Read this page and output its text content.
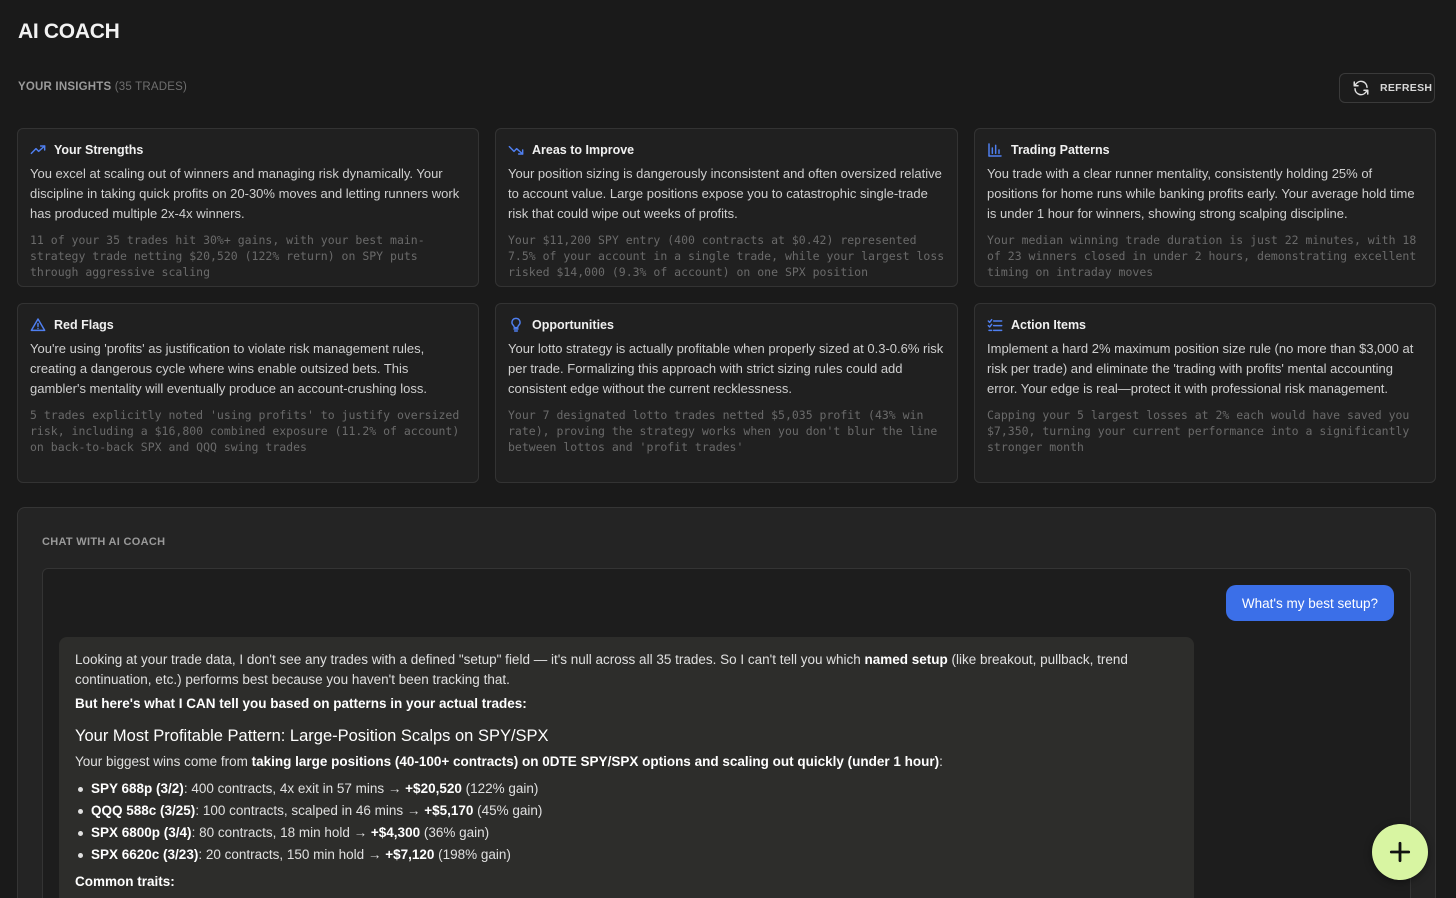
AI COACH
YOUR INSIGHTS (35 TRADES)	REFRESH
Your Strengths
You excel at scaling out of winners and managing risk dynamically. Your discipline in taking quick profits on 20-30% moves and letting runners work has produced multiple 2x-4x winners.
11 of your 35 trades hit 30%+ gains, with your best main-strategy trade netting $20,520 (122% return) on SPY puts through aggressive scaling
Areas to Improve
Your position sizing is dangerously inconsistent and often oversized relative to account value. Large positions expose you to catastrophic single-trade risk that could wipe out weeks of profits.
Your $11,200 SPY entry (400 contracts at $0.42) represented 7.5% of your account in a single trade, while your largest loss risked $14,000 (9.3% of account) on one SPX position
Trading Patterns
You trade with a clear runner mentality, consistently holding 25% of positions for home runs while banking profits early. Your average hold time is under 1 hour for winners, showing strong scalping discipline.
Your median winning trade duration is just 22 minutes, with 18 of 23 winners closed in under 2 hours, demonstrating excellent timing on intraday moves
Red Flags
You're using 'profits' as justification to violate risk management rules, creating a dangerous cycle where wins enable outsized bets. This gambler's mentality will eventually produce an account-crushing loss.
5 trades explicitly noted 'using profits' to justify oversized risk, including a $16,800 combined exposure (11.2% of account) on back-to-back SPX and QQQ swing trades
Opportunities
Your lotto strategy is actually profitable when properly sized at 0.3-0.6% risk per trade. Formalizing this approach with strict sizing rules could add consistent edge without the current recklessness.
Your 7 designated lotto trades netted $5,035 profit (43% win rate), proving the strategy works when you don't blur the line between lottos and 'profit trades'
Action Items
Implement a hard 2% maximum position size rule (no more than $3,000 at risk per trade) and eliminate the 'trading with profits' mental accounting error. Your edge is real—protect it with professional risk management.
Capping your 5 largest losses at 2% each would have saved you $7,350, turning your current performance into a significantly stronger month
CHAT WITH AI COACH
What's my best setup?
Looking at your trade data, I don't see any trades with a defined "setup" field — it's null across all 35 trades. So I can't tell you which named setup (like breakout, pullback, trend continuation, etc.) performs best because you haven't been tracking that.
But here's what I CAN tell you based on patterns in your actual trades:
Your Most Profitable Pattern: Large-Position Scalps on SPY/SPX
Your biggest wins come from taking large positions (40-100+ contracts) on 0DTE SPY/SPX options and scaling out quickly (under 1 hour):
SPY 688p (3/2): 400 contracts, 4x exit in 57 mins → +$20,520 (122% gain)
QQQ 588c (3/25): 100 contracts, scalped in 46 mins → +$5,170 (45% gain)
SPX 6800p (3/4): 80 contracts, 18 min hold → +$4,300 (36% gain)
SPX 6620c (3/23): 20 contracts, 150 min hold → +$7,120 (198% gain)
Common traits:
